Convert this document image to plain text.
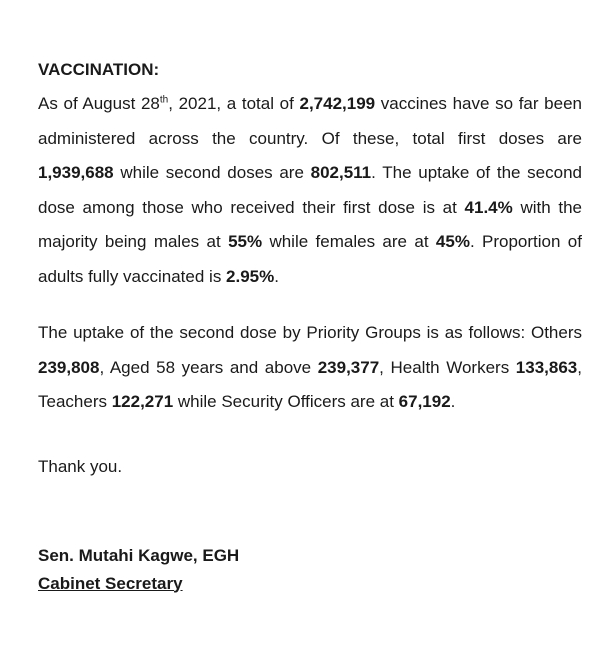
VACCINATION:

As of August 28th, 2021, a total of 2,742,199 vaccines have so far been administered across the country. Of these, total first doses are 1,939,688 while second doses are 802,511. The uptake of the second dose among those who received their first dose is at 41.4% with the majority being males at 55% while females are at 45%. Proportion of adults fully vaccinated is 2.95%.

The uptake of the second dose by Priority Groups is as follows: Others 239,808, Aged 58 years and above 239,377, Health Workers 133,863, Teachers 122,271 while Security Officers are at 67,192.

Thank you.

Sen. Mutahi Kagwe, EGH

Cabinet Secretary
